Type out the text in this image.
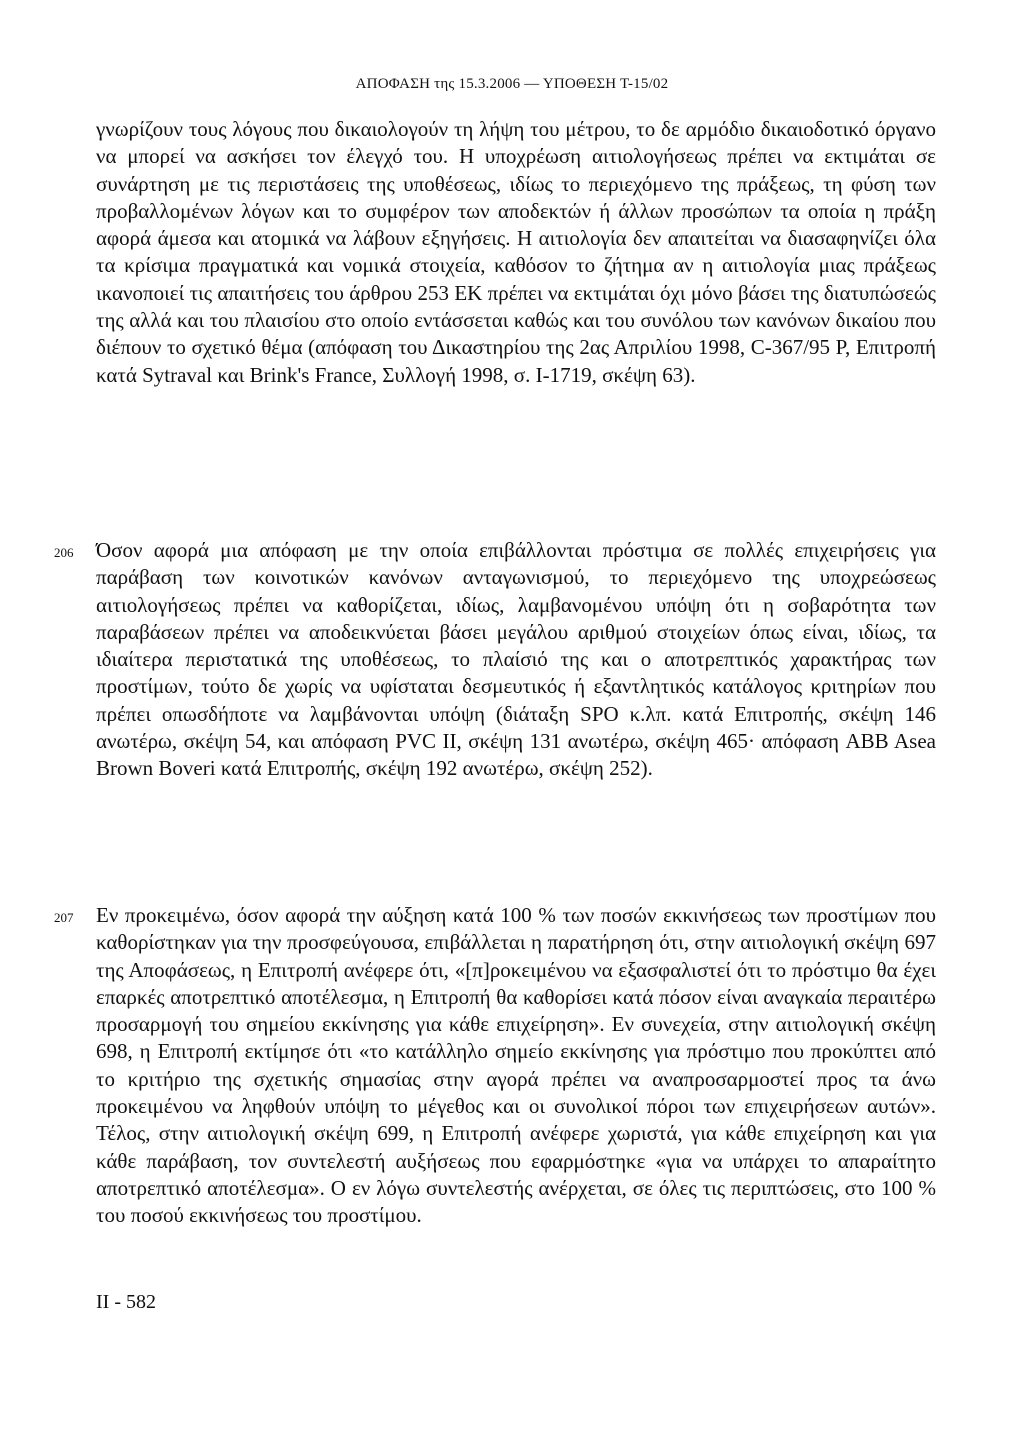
ΑΠΟΦΑΣΗ της 15.3.2006 — ΥΠΟΘΕΣΗ Τ-15/02

γνωρίζουν τους λόγους που δικαιολογούν τη λήψη του μέτρου, το δε αρμόδιο δικαιοδοτικό όργανο να μπορεί να ασκήσει τον έλεγχό του. Η υποχρέωση αιτιολογήσεως πρέπει να εκτιμάται σε συνάρτηση με τις περιστάσεις της υποθέσεως, ιδίως το περιεχόμενο της πράξεως, τη φύση των προβαλλομένων λόγων και το συμφέρον των αποδεκτών ή άλλων προσώπων τα οποία η πράξη αφορά άμεσα και ατομικά να λάβουν εξηγήσεις. Η αιτιολογία δεν απαιτείται να διασαφηνίζει όλα τα κρίσιμα πραγματικά και νομικά στοιχεία, καθόσον το ζήτημα αν η αιτιολογία μιας πράξεως ικανοποιεί τις απαιτήσεις του άρθρου 253 ΕΚ πρέπει να εκτιμάται όχι μόνο βάσει της διατυπώσεώς της αλλά και του πλαισίου στο οποίο εντάσσεται καθώς και του συνόλου των κανόνων δικαίου που διέπουν το σχετικό θέμα (απόφαση του Δικαστηρίου της 2ας Απριλίου 1998, C-367/95 Ρ, Επιτροπή κατά Sytraval και Brink's France, Συλλογή 1998, σ. I-1719, σκέψη 63).

206 Όσον αφορά μια απόφαση με την οποία επιβάλλονται πρόστιμα σε πολλές επιχειρήσεις για παράβαση των κοινοτικών κανόνων ανταγωνισμού, το περιεχόμενο της υποχρεώσεως αιτιολογήσεως πρέπει να καθορίζεται, ιδίως, λαμβανομένου υπόψη ότι η σοβαρότητα των παραβάσεων πρέπει να αποδεικνύεται βάσει μεγάλου αριθμού στοιχείων όπως είναι, ιδίως, τα ιδιαίτερα περιστατικά της υποθέσεως, το πλαίσιό της και ο αποτρεπτικός χαρακτήρας των προστίμων, τούτο δε χωρίς να υφίσταται δεσμευτικός ή εξαντλητικός κατάλογος κριτηρίων που πρέπει οπωσδήποτε να λαμβάνονται υπόψη (διάταξη SPO κ.λπ. κατά Επιτροπής, σκέψη 146 ανωτέρω, σκέψη 54, και απόφαση PVC II, σκέψη 131 ανωτέρω, σκέψη 465· απόφαση ABB Asea Brown Boveri κατά Επιτροπής, σκέψη 192 ανωτέρω, σκέψη 252).

207 Εν προκειμένω, όσον αφορά την αύξηση κατά 100 % των ποσών εκκινήσεως των προστίμων που καθορίστηκαν για την προσφεύγουσα, επιβάλλεται η παρατήρηση ότι, στην αιτιολογική σκέψη 697 της Αποφάσεως, η Επιτροπή ανέφερε ότι, «[π]ροκειμένου να εξασφαλιστεί ότι το πρόστιμο θα έχει επαρκές αποτρεπτικό αποτέλεσμα, η Επιτροπή θα καθορίσει κατά πόσον είναι αναγκαία περαιτέρω προσαρμογή του σημείου εκκίνησης για κάθε επιχείρηση». Εν συνεχεία, στην αιτιολογική σκέψη 698, η Επιτροπή εκτίμησε ότι «το κατάλληλο σημείο εκκίνησης για πρόστιμο που προκύπτει από το κριτήριο της σχετικής σημασίας στην αγορά πρέπει να αναπροσαρμοστεί προς τα άνω προκειμένου να ληφθούν υπόψη το μέγεθος και οι συνολικοί πόροι των επιχειρήσεων αυτών». Τέλος, στην αιτιολογική σκέψη 699, η Επιτροπή ανέφερε χωριστά, για κάθε επιχείρηση και για κάθε παράβαση, τον συντελεστή αυξήσεως που εφαρμόστηκε «για να υπάρχει το απαραίτητο αποτρεπτικό αποτέλεσμα». Ο εν λόγω συντελεστής ανέρχεται, σε όλες τις περιπτώσεις, στο 100 % του ποσού εκκινήσεως του προστίμου.

II - 582
